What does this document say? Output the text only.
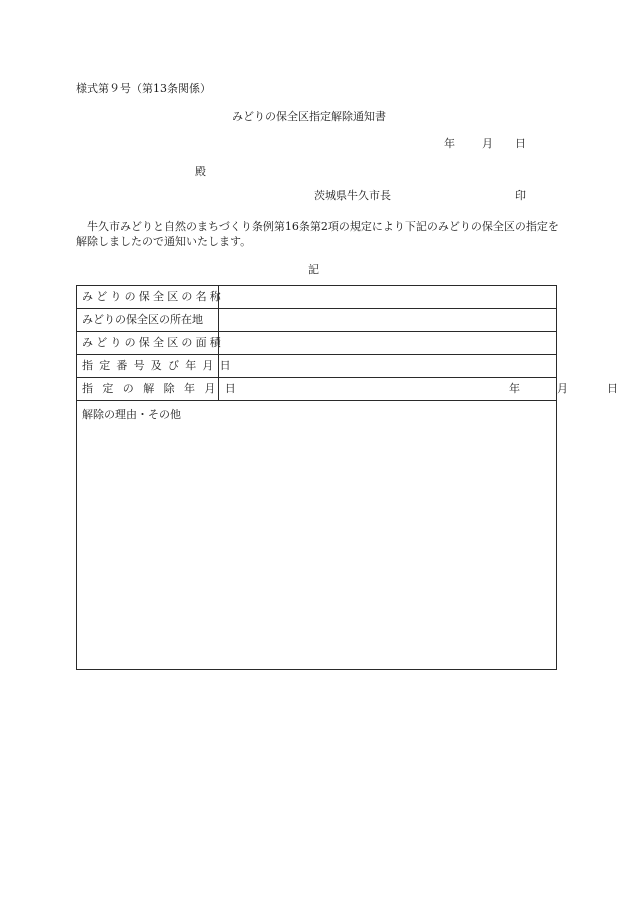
様式第９号（第13条関係）
みどりの保全区指定解除通知書
年 月 日
殿
茨城県牛久市長	印
牛久市みどりと自然のまちづくり条例第16条第2項の規定により下記のみどりの保全区の指定を解除しましたので通知いたします。
記
みどりの保全区の名称
みどりの保全区の所在地
みどりの保全区の面積
指定番号及び年月日
指定の解除年月日	年	月	日
解除の理由・その他
